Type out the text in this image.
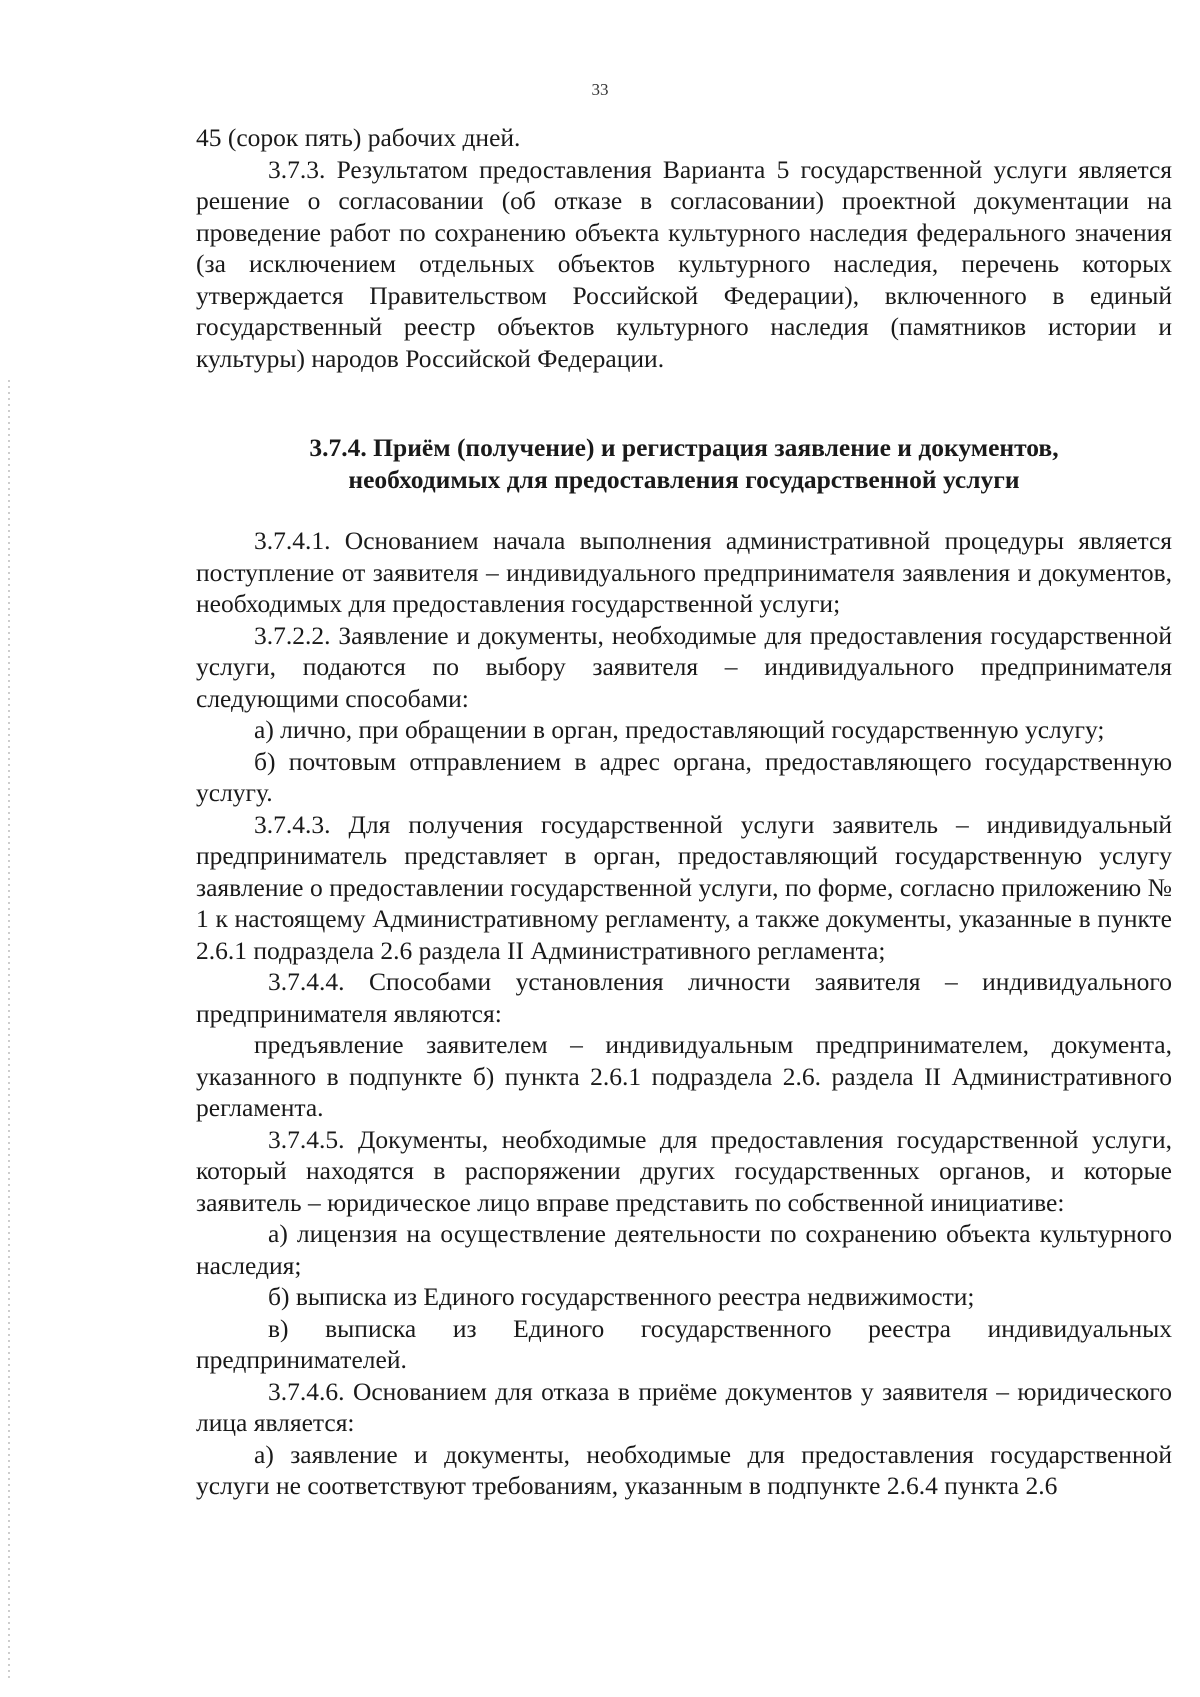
33

45 (сорок пять) рабочих дней.

3.7.3. Результатом предоставления Варианта 5 государственной услуги является решение о согласовании (об отказе в согласовании) проектной документации на проведение работ по сохранению объекта культурного наследия федерального значения (за исключением отдельных объектов культурного наследия, перечень которых утверждается Правительством Российской Федерации), включенного в единый государственный реестр объектов культурного наследия (памятников истории и культуры) народов Российской Федерации.

3.7.4. Приём (получение) и регистрация заявление и документов,
необходимых для предоставления государственной услуги

3.7.4.1. Основанием начала выполнения административной процедуры является поступление от заявителя – индивидуального предпринимателя заявления и документов, необходимых для предоставления государственной услуги;

3.7.2.2. Заявление и документы, необходимые для предоставления государственной услуги, подаются по выбору заявителя – индивидуального предпринимателя следующими способами:

а) лично, при обращении в орган, предоставляющий государственную услугу;

б) почтовым отправлением в адрес органа, предоставляющего государственную услугу.

3.7.4.3. Для получения государственной услуги заявитель – индивидуальный предприниматель представляет в орган, предоставляющий государственную услугу заявление о предоставлении государственной услуги, по форме, согласно приложению № 1 к настоящему Административному регламенту, а также документы, указанные в пункте 2.6.1 подраздела 2.6 раздела II Административного регламента;

3.7.4.4. Способами установления личности заявителя – индивидуального предпринимателя являются:

предъявление заявителем – индивидуальным предпринимателем, документа, указанного в подпункте б) пункта 2.6.1 подраздела 2.6. раздела II Административного регламента.

3.7.4.5. Документы, необходимые для предоставления государственной услуги, который находятся в распоряжении других государственных органов, и которые заявитель – юридическое лицо вправе представить по собственной инициативе:

а) лицензия на осуществление деятельности по сохранению объекта культурного наследия;

б) выписка из Единого государственного реестра недвижимости;

в) выписка из Единого государственного реестра индивидуальных предпринимателей.

3.7.4.6. Основанием для отказа в приёме документов у заявителя – юридического лица является:

а) заявление и документы, необходимые для предоставления государственной услуги не соответствуют требованиям, указанным в подпункте 2.6.4 пункта 2.6
